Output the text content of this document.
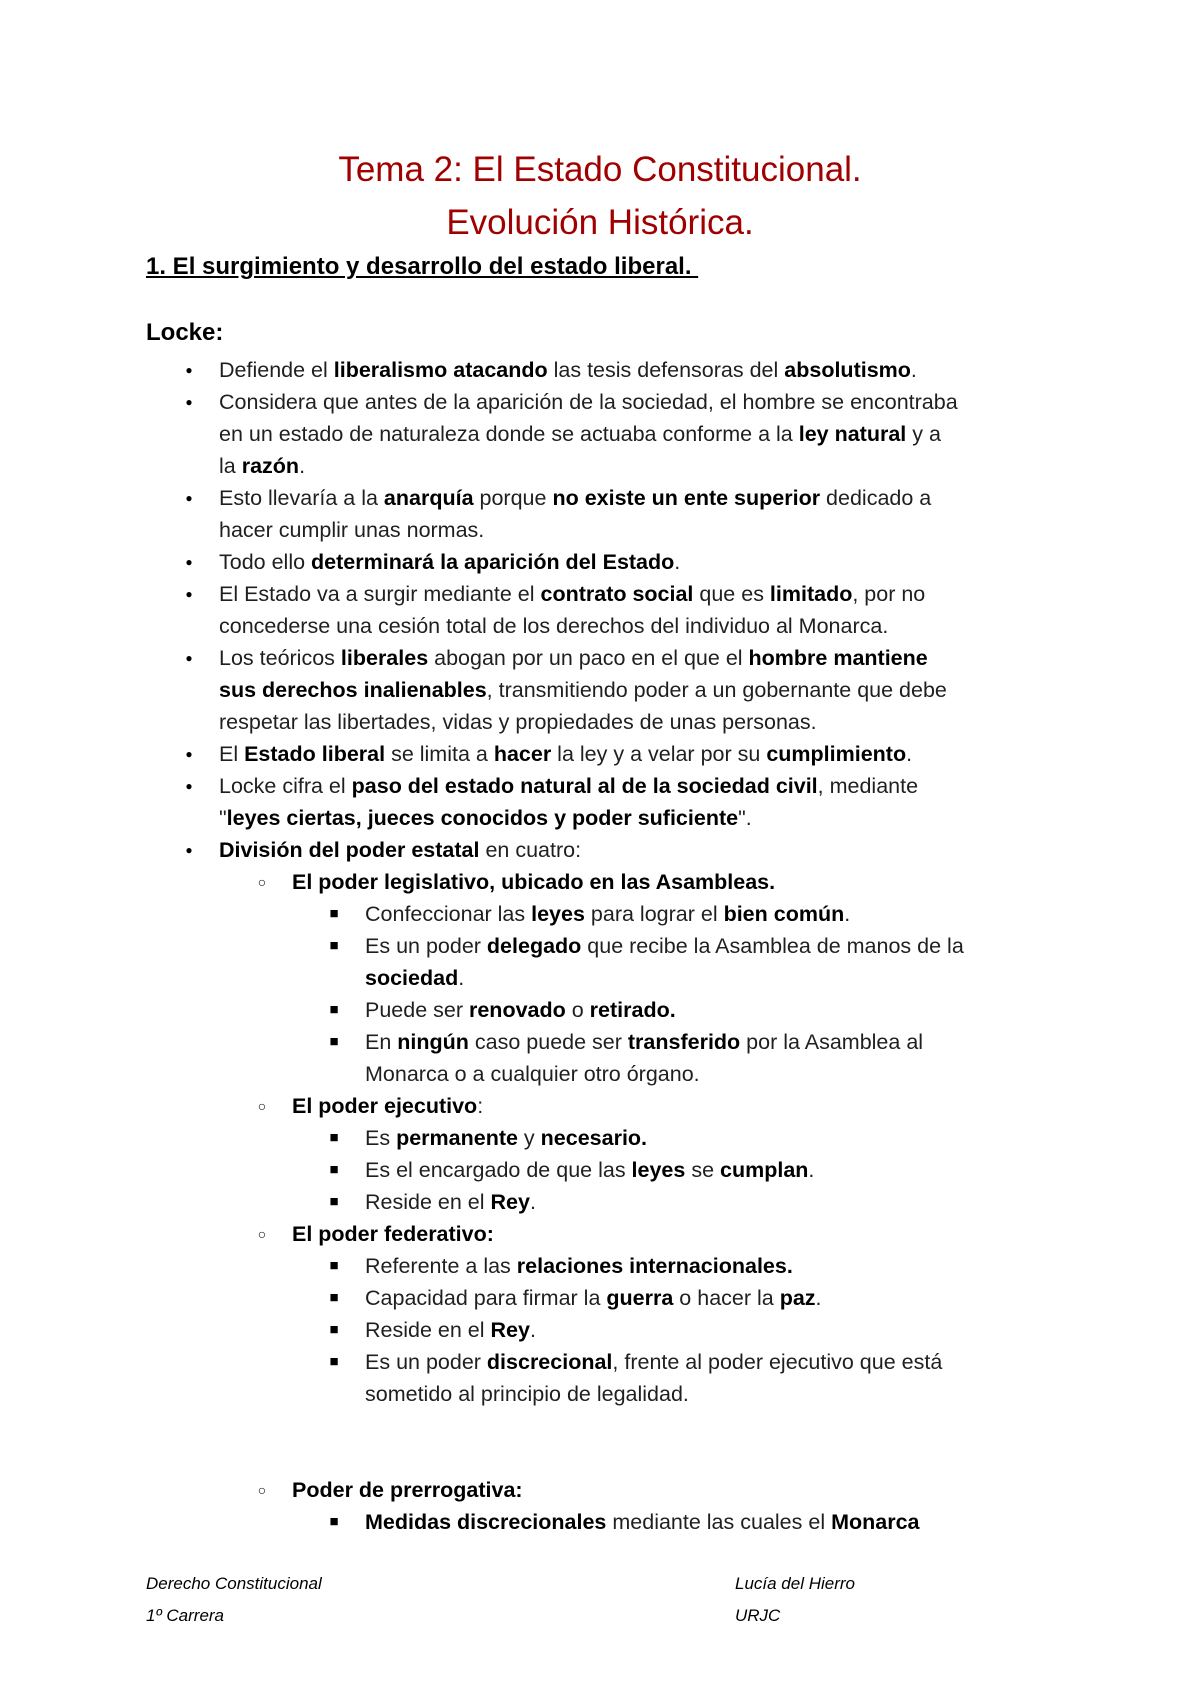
Tema 2: El Estado Constitucional.
Evolución Histórica.
1. El surgimiento y desarrollo del estado liberal.
Locke:
● Defiende el liberalismo atacando las tesis defensoras del absolutismo.
● Considera que antes de la aparición de la sociedad, el hombre se encontraba
en un estado de naturaleza donde se actuaba conforme a la ley natural y a
la razón.
● Esto llevaría a la anarquía porque no existe un ente superior dedicado a
hacer cumplir unas normas.
● Todo ello determinará la aparición del Estado.
● El Estado va a surgir mediante el contrato social que es limitado, por no
concederse una cesión total de los derechos del individuo al Monarca.
● Los teóricos liberales abogan por un paco en el que el hombre mantiene
sus derechos inalienables, transmitiendo poder a un gobernante que debe
respetar las libertades, vidas y propiedades de unas personas.
● El Estado liberal se limita a hacer la ley y a velar por su cumplimiento.
● Locke cifra el paso del estado natural al de la sociedad civil, mediante
"leyes ciertas, jueces conocidos y poder suficiente".
● División del poder estatal en cuatro:
○ El poder legislativo, ubicado en las Asambleas.
■ Confeccionar las leyes para lograr el bien común.
■ Es un poder delegado que recibe la Asamblea de manos de la
sociedad.
■ Puede ser renovado o retirado.
■ En ningún caso puede ser transferido por la Asamblea al
Monarca o a cualquier otro órgano.
○ El poder ejecutivo:
■ Es permanente y necesario.
■ Es el encargado de que las leyes se cumplan.
■ Reside en el Rey.
○ El poder federativo:
■ Referente a las relaciones internacionales.
■ Capacidad para firmar la guerra o hacer la paz.
■ Reside en el Rey.
■ Es un poder discrecional, frente al poder ejecutivo que está
sometido al principio de legalidad.
○ Poder de prerrogativa:
■ Medidas discrecionales mediante las cuales el Monarca
Derecho Constitucional
1º Carrera
Lucía del Hierro
URJC
